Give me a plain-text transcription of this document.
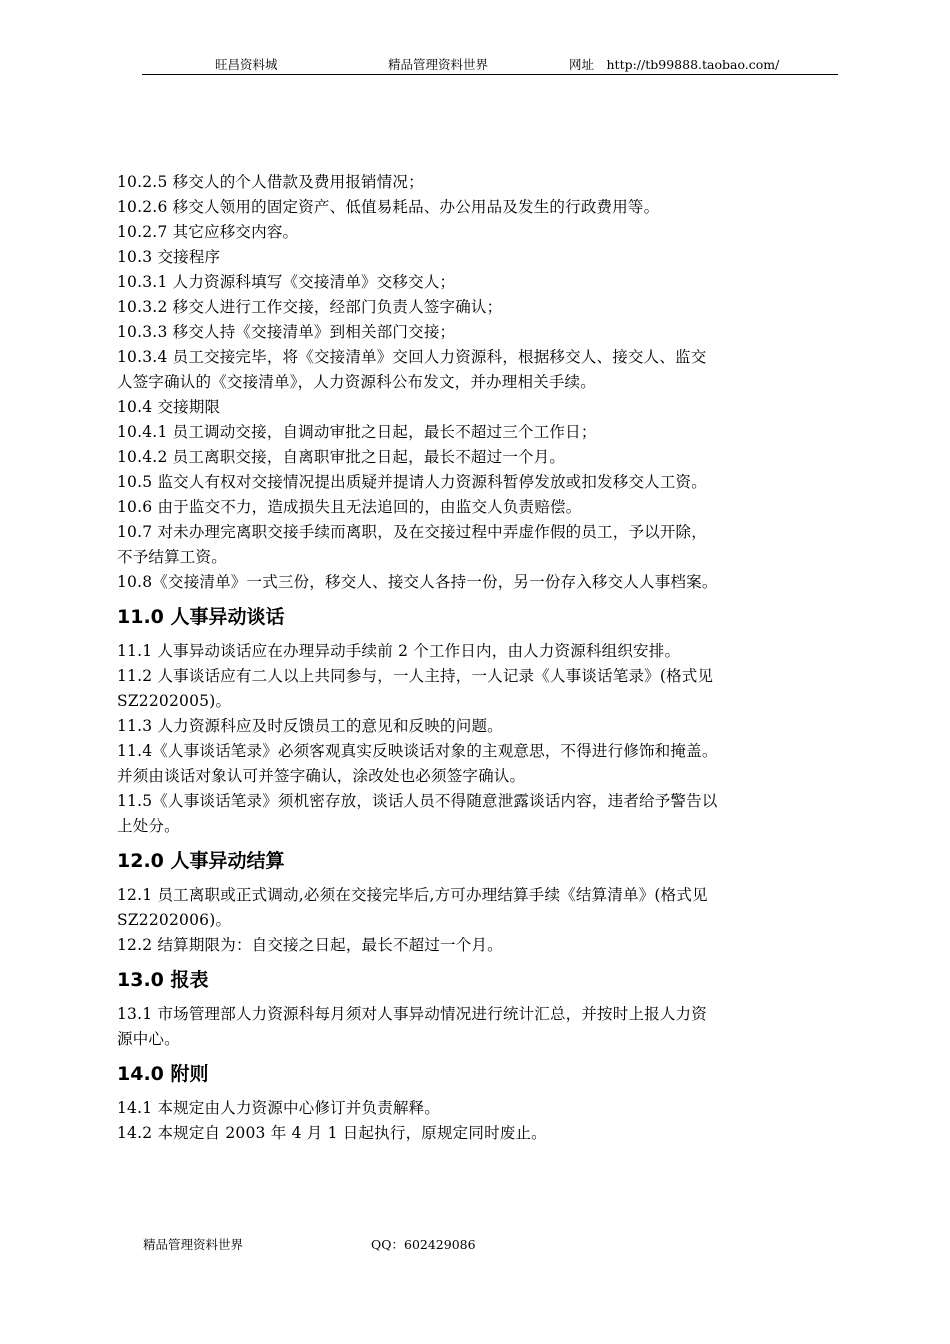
旺昌资料城	精品管理资料世界	网址　http://tb99888.taobao.com/
10.2.5 移交人的个人借款及费用报销情况；
10.2.6 移交人领用的固定资产、低值易耗品、办公用品及发生的行政费用等。
10.2.7 其它应移交内容。
10.3 交接程序
10.3.1 人力资源科填写《交接清单》交移交人；
10.3.2 移交人进行工作交接，经部门负责人签字确认；
10.3.3 移交人持《交接清单》到相关部门交接；
10.3.4 员工交接完毕，将《交接清单》交回人力资源科，根据移交人、接交人、监交
人签字确认的《交接清单》，人力资源科公布发文，并办理相关手续。
10.4 交接期限
10.4.1 员工调动交接，自调动审批之日起，最长不超过三个工作日；
10.4.2 员工离职交接，自离职审批之日起，最长不超过一个月。
10.5 监交人有权对交接情况提出质疑并提请人力资源科暂停发放或扣发移交人工资。
10.6 由于监交不力，造成损失且无法追回的，由监交人负责赔偿。
10.7 对未办理完离职交接手续而离职，及在交接过程中弄虚作假的员工，予以开除，
不予结算工资。
10.8《交接清单》一式三份，移交人、接交人各持一份，另一份存入移交人人事档案。
11.0 人事异动谈话
11.1 人事异动谈话应在办理异动手续前 2 个工作日内，由人力资源科组织安排。
11.2 人事谈话应有二人以上共同参与，一人主持，一人记录《人事谈话笔录》(格式见
SZ2202005)。
11.3 人力资源科应及时反馈员工的意见和反映的问题。
11.4《人事谈话笔录》必须客观真实反映谈话对象的主观意思，不得进行修饰和掩盖。
并须由谈话对象认可并签字确认，涂改处也必须签字确认。
11.5《人事谈话笔录》须机密存放，谈话人员不得随意泄露谈话内容，违者给予警告以
上处分。
12.0 人事异动结算
12.1 员工离职或正式调动,必须在交接完毕后,方可办理结算手续《结算清单》(格式见
SZ2202006)。
12.2 结算期限为：自交接之日起，最长不超过一个月。
13.0 报表
13.1 市场管理部人力资源科每月须对人事异动情况进行统计汇总，并按时上报人力资
源中心。
14.0 附则
14.1 本规定由人力资源中心修订并负责解释。
14.2 本规定自 2003 年 4 月 1 日起执行，原规定同时废止。
精品管理资料世界	QQ：602429086
